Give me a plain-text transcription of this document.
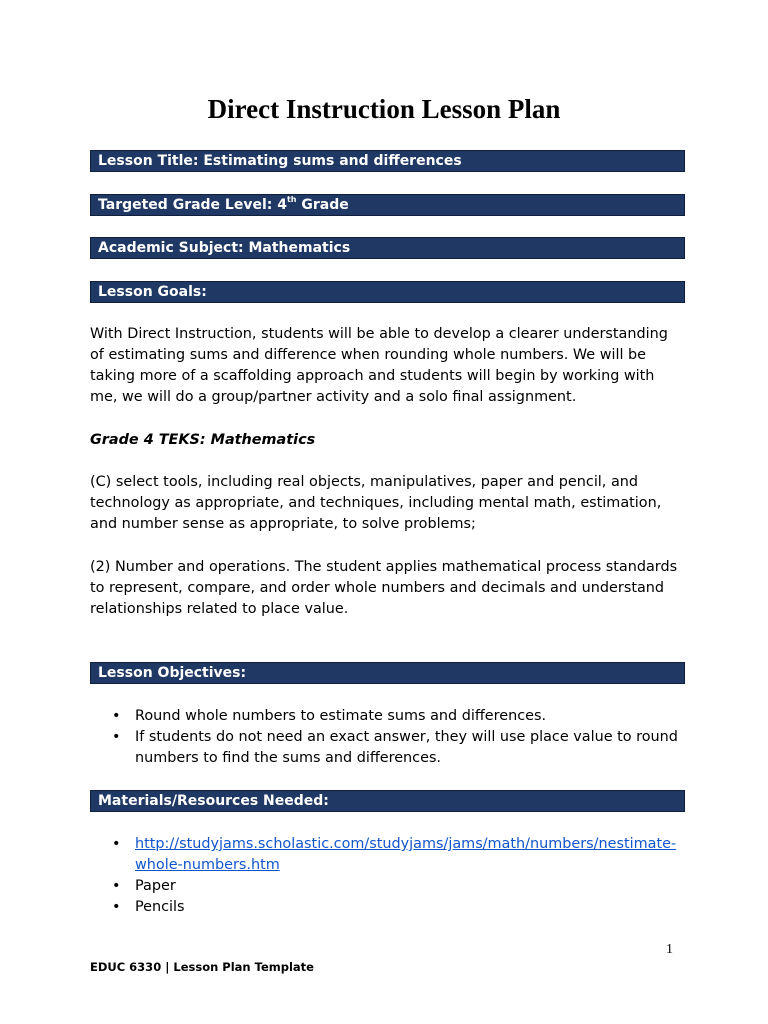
Direct Instruction Lesson Plan
Lesson Title: Estimating sums and differences
Targeted Grade Level: 4th Grade
Academic Subject: Mathematics
Lesson Goals:

With Direct Instruction, students will be able to develop a clearer understanding of estimating sums and difference when rounding whole numbers. We will be taking more of a scaffolding approach and students will begin by working with me, we will do a group/partner activity and a solo final assignment.

Grade 4 TEKS: Mathematics

(C) select tools, including real objects, manipulatives, paper and pencil, and technology as appropriate, and techniques, including mental math, estimation, and number sense as appropriate, to solve problems;

(2) Number and operations. The student applies mathematical process standards to represent, compare, and order whole numbers and decimals and understand relationships related to place value.

Lesson Objectives:
• Round whole numbers to estimate sums and differences.
• If students do not need an exact answer, they will use place value to round numbers to find the sums and differences.
Materials/Resources Needed:
• http://studyjams.scholastic.com/studyjams/jams/math/numbers/nestimate-whole-numbers.htm
• Paper
• Pencils
1
EDUC 6330 | Lesson Plan Template
